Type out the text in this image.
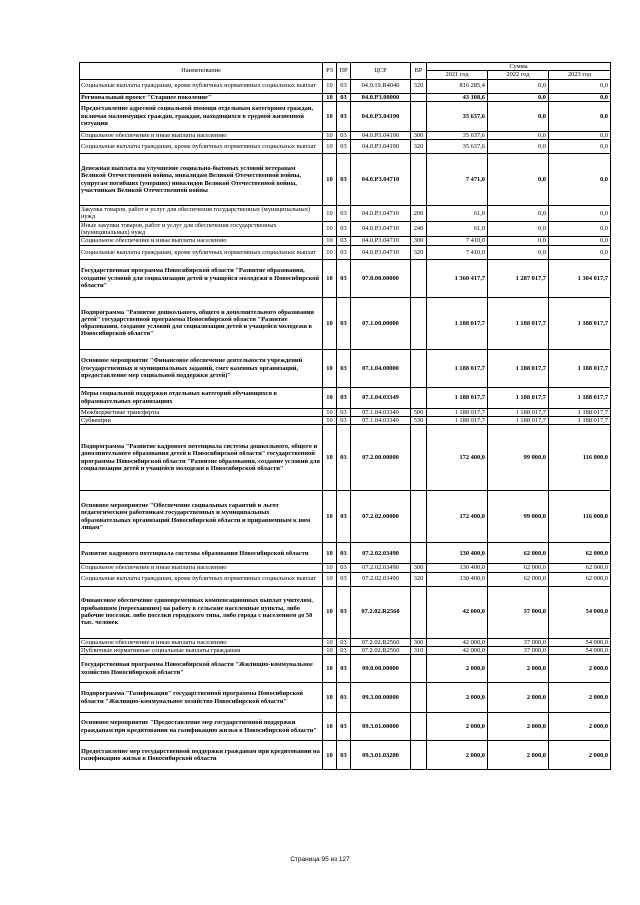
Наименование	РЗ	ПР	ЦСР	ВР	Сумма		
					2021 год	2022 год	2023 год
Социальные выплаты гражданам, кроме публичных нормативных социальных выплат	10	03	04.0.19.R4040	320	816 285,4	0,0	0,0
Региональный проект "Старшее поколение"	10	03	04.0.P3.00000		43 108,6	0,0	0,0
Предоставление адресной социальной помощи отдельным категориям граждан, включая малоимущих граждан, граждан, находящихся в трудной жизненной ситуации	10	03	04.0.P3.04190		35 637,6	0,0	0,0
Социальное обеспечение и иные выплаты населению	10	03	04.0.P3.04190	300	35 637,6	0,0	0,0
Социальные выплаты гражданам, кроме публичных нормативных социальных выплат	10	03	04.0.P3.04190	320	35 637,6	0,0	0,0
Денежная выплата на улучшение социально-бытовых условий ветеранам Великой Отечественной войны, инвалидам Великой Отечественной войны, супругам погибших (умерших) инвалидов Великой Отечественной войны, участникам Великой Отечественной войны	10	03	04.0.P3.04710		7 471,0	0,0	0,0
Закупка товаров, работ и услуг для обеспечения государственных (муниципальных) нужд	10	03	04.0.P3.04710	200	61,0	0,0	0,0
Иные закупки товаров, работ и услуг для обеспечения государственных (муниципальных) нужд	10	03	04.0.P3.04710	240	61,0	0,0	0,0
Социальное обеспечение и иные выплаты населению	10	03	04.0.P3.04710	300	7 410,0	0,0	0,0
Социальные выплаты гражданам, кроме публичных нормативных социальных выплат	10	03	04.0.P3.04710	320	7 410,0	0,0	0,0
Государственная программа Новосибирской области "Развитие образования, создание условий для социализации детей и учащейся молодежи в Новосибирской области"	10	03	07.0.00.00000		1 360 417,7	1 287 017,7	1 304 017,7
Подпрограмма "Развитие дошкольного, общего и дополнительного образования детей" государственной программы Новосибирской области "Развитие образования, создание условий для социализации детей и учащейся молодежи в Новосибирской области"	10	03	07.1.00.00000		1 188 017,7	1 188 017,7	1 188 017,7
Основное мероприятие "Финансовое обеспечение деятельности учреждений (государственных и муниципальных заданий, смет казенных организаций, предоставление мер социальной поддержки детей)"	10	03	07.1.04.00000		1 188 017,7	1 188 017,7	1 188 017,7
Меры социальной поддержки отдельных категорий обучающихся в образовательных организациях	10	03	07.1.04.03349		1 188 017,7	1 188 017,7	1 188 017,7
Межбюджетные трансферты	10	03	07.1.04.03349	500	1 188 017,7	1 188 017,7	1 188 017,7
Субвенции	10	03	07.1.04.03349	530	1 188 017,7	1 188 017,7	1 188 017,7
Подпрограмма "Развитие кадрового потенциала системы дошкольного, общего и дополнительного образования детей в Новосибирской области" государственной программы Новосибирской области "Развитие образования, создание условий для социализации детей и учащейся молодежи в Новосибирской области"	10	03	07.2.00.00000		172 400,0	99 000,0	116 000,0
Основное мероприятие "Обеспечение социальных гарантий и льгот педагогическим работникам государственных и муниципальных образовательных организаций Новосибирской области и приравненным к ним лицам"	10	03	07.2.02.00000		172 400,0	99 000,0	116 000,0
Развитие кадрового потенциала системы образования Новосибирской области	10	03	07.2.02.03490		130 400,0	62 000,0	62 000,0
Социальное обеспечение и иные выплаты населению	10	03	07.2.02.03490	300	130 400,0	62 000,0	62 000,0
Социальные выплаты гражданам, кроме публичных нормативных социальных выплат	10	03	07.2.02.03490	320	130 400,0	62 000,0	62 000,0
Финансовое обеспечение единовременных компенсационных выплат учителям, прибывшим (переехавшим) на работу в сельские населенные пункты, либо рабочие поселки, либо поселки городского типа, либо города с населением до 50 тыс. человек	10	03	07.2.02.R2560		42 000,0	37 000,0	54 000,0
Социальное обеспечение и иные выплаты населению	10	03	07.2.02.R2560	300	42 000,0	37 000,0	54 000,0
Публичные нормативные социальные выплаты гражданам	10	03	07.2.02.R2560	310	42 000,0	37 000,0	54 000,0
Государственная программа Новосибирской области "Жилищно-коммунальное хозяйство Новосибирской области"	10	03	09.0.00.00000		2 000,0	2 000,0	2 000,0
Подпрограмма "Газификация" государственной программы Новосибирской области "Жилищно-коммунальное хозяйство Новосибирской области"	10	03	09.3.00.00000		2 000,0	2 000,0	2 000,0
Основное мероприятие "Предоставление мер государственной поддержки гражданам при кредитовании на газификацию жилья в Новосибирской области"	10	03	09.3.01.00000		2 000,0	2 000,0	2 000,0
Предоставление мер государственной поддержки гражданам при кредитовании на газификацию жилья в Новосибирской области	10	03	09.3.01.03280		2 000,0	2 000,0	2 000,0
Страница 95 из 127
